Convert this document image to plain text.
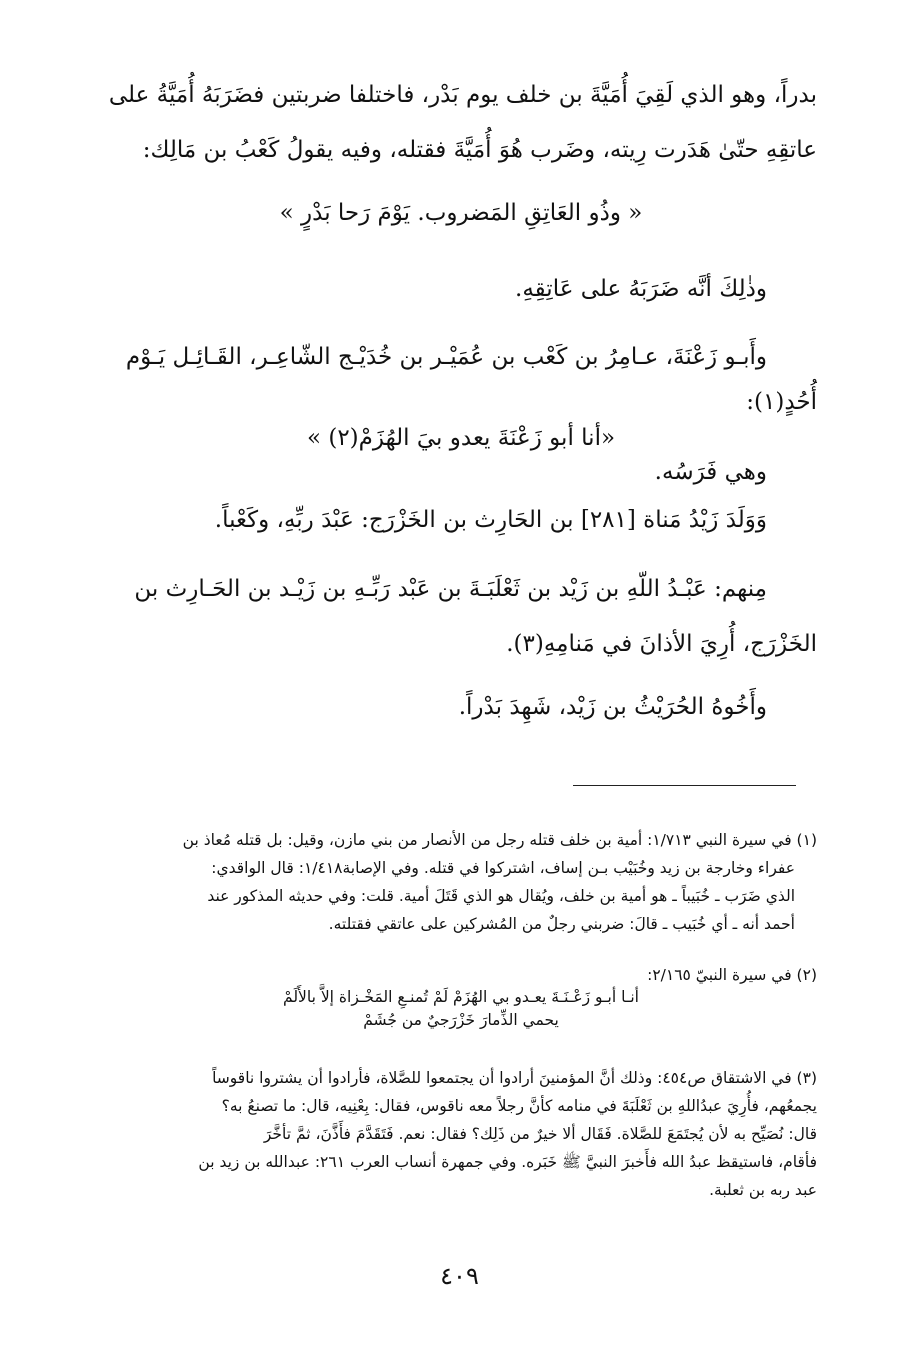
بدراً، وهو الذي لَقِيَ أُمَيَّةَ بن خلف يوم بَدْر، فاختلفا ضربتين فضَرَبَهُ أُمَيَّةُ على
عاتقِهِ حتّىٰ هَدَرت رِيته، وضَرب هُوَ أُمَيَّةَ فقتله، وفيه يقولُ كَعْبُ بن مَالِك:
« وذُو العَاتِقِ المَضروب. يَوْمَ رَحا بَدْرٍ »
وذٰلِكَ أنَّه ضَرَبَهُ على عَاتِقِهِ.
وأَبـو زَعْنَةَ، عـامِرُ بن كَعْب بن عُمَيْـر بن خُدَيْـج الشّاعِـر، القَـائِـل يَـوْم
أُحُدٍ(١):
«أنا أبو زَعْنَةَ يعدو بيَ الهُزَمْ(٢) »
وهي فَرَسُه.
وَوَلَدَ زَيْدُ مَناة [٢٨١] بن الحَارِث بن الخَزْرَج: عَبْدَ ربِّهِ، وكَعْباً.
مِنهم: عَبْـدُ اللّهِ بن زَيْد بن ثَعْلَبَـةَ بن عَبْد رَبِّـهِ بن زَيْـد بن الحَـارِث بن
الخَزْرَج، أُرِيَ الأذانَ في مَنامِهِ(٣).
وأَخُوهُ الحُرَيْثُ بن زَيْد، شَهِدَ بَدْراً.
(١) في سيرة النبي ١/٧١٣: أمية بن خلف قتله رجل من الأنصار من بني مازن، وقيل: بل قتله مُعاذ بن
عفراء وخارجة بن زيد وخُبَيْب بـن إساف، اشتركوا في قتله. وفي الإصابة١/٤١٨: قال الواقدي:
الذي ضَرَب ـ خُبَيباً ـ هو أمية بن خلف، ويُقال هو الذي قَتَلَ أمية. قلت: وفي حديثه المذكور عند
أحمد أنه ـ أي خُبَيب ـ قالَ: ضربني رجلٌ من المُشركين على عاتقي فقتلته.
(٢) في سيرة النبيّ ٢/١٦٥:
أنـا أبـو زَعْـنَـةَ يعـدو بي الهُزَمْ لَمْ تُمنـعِ المَخْـزاة إلاَّ بالأَلَمْ
يحمي الذِّمارَ خَزْرَجيٌ من جُشَمْ
(٣) في الاشتقاق ص٤٥٤: وذلك أنَّ المؤمنينَ أرادوا أن يجتمعوا للصَّلاة، فأرادوا أن يشتروا ناقوساً
يجمعُهم، فأُرِيَ عبدُاللهِ بن ثَعْلَبَةَ في منامه كأنَّ رجلاً معه ناقوس، فقال: بِعْنِيه، قال: ما تصنعُ به؟
قال: نُصَيِّح به لأن يُجتَمَعَ للصَّلاة. فَقَال ألا خيرٌ من ذَلِك؟ فقال: نعم. فَتَقَدَّمَ فأَذَّنَ، ثمَّ تأخَّرَ
فأقام، فاستيقظ عبدُ الله فأَخبرَ النبيَّ ﷺ خَبَره. وفي جمهرة أنساب العرب ٢٦١: عبدالله بن زيد بن
عبد ربه بن ثعلبة.
٤٠٩
